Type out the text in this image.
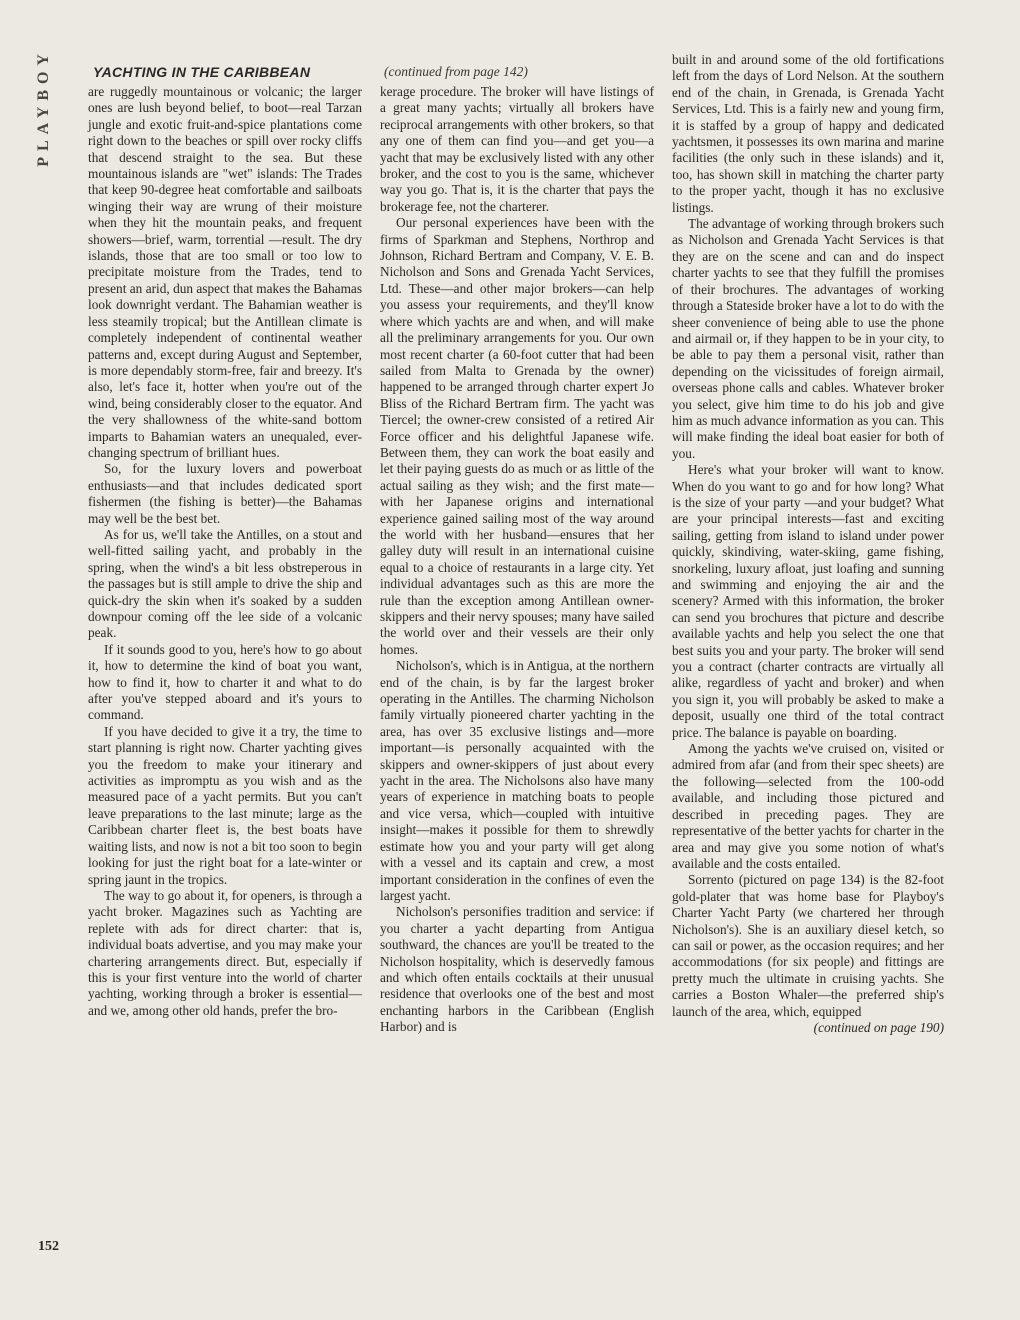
PLAYBOY	YACHTING IN THE CARIBBEAN	(continued from page 142)

are ruggedly mountainous or volcanic; the larger ones are lush beyond belief, to boot—real Tarzan jungle and exotic fruit-and-spice plantations come right down to the beaches or spill over rocky cliffs that descend straight to the sea. But these mountainous islands are "wet" islands: The Trades that keep 90-degree heat comfortable and sailboats winging their way are wrung of their moisture when they hit the mountain peaks, and frequent showers—brief, warm, torrential —result. The dry islands, those that are too small or too low to precipitate moisture from the Trades, tend to present an arid, dun aspect that makes the Bahamas look downright verdant. The Bahamian weather is less steamily tropical; but the Antillean climate is completely independent of continental weather patterns and, except during August and September, is more dependably storm-free, fair and breezy. It's also, let's face it, hotter when you're out of the wind, being considerably closer to the equator. And the very shallowness of the white-sand bottom imparts to Bahamian waters an unequaled, ever-changing spectrum of brilliant hues.

So, for the luxury lovers and powerboat enthusiasts—and that includes dedicated sport fishermen (the fishing is better)—the Bahamas may well be the best bet.

As for us, we'll take the Antilles, on a stout and well-fitted sailing yacht, and probably in the spring, when the wind's a bit less obstreperous in the passages but is still ample to drive the ship and quick-dry the skin when it's soaked by a sudden downpour coming off the lee side of a volcanic peak.

If it sounds good to you, here's how to go about it, how to determine the kind of boat you want, how to find it, how to charter it and what to do after you've stepped aboard and it's yours to command.

If you have decided to give it a try, the time to start planning is right now. Charter yachting gives you the freedom to make your itinerary and activities as impromptu as you wish and as the measured pace of a yacht permits. But you can't leave preparations to the last minute; large as the Caribbean charter fleet is, the best boats have waiting lists, and now is not a bit too soon to begin looking for just the right boat for a late-winter or spring jaunt in the tropics.

The way to go about it, for openers, is through a yacht broker. Magazines such as Yachting are replete with ads for direct charter: that is, individual boats advertise, and you may make your chartering arrangements direct. But, especially if this is your first venture into the world of charter yachting, working through a broker is essential—and we, among other old hands, prefer the bro-

kerage procedure. The broker will have listings of a great many yachts; virtually all brokers have reciprocal arrangements with other brokers, so that any one of them can find you—and get you—a yacht that may be exclusively listed with any other broker, and the cost to you is the same, whichever way you go. That is, it is the charter that pays the brokerage fee, not the charterer.

Our personal experiences have been with the firms of Sparkman and Stephens, Northrop and Johnson, Richard Bertram and Company, V. E. B. Nicholson and Sons and Grenada Yacht Services, Ltd. These—and other major brokers—can help you assess your requirements, and they'll know where which yachts are and when, and will make all the preliminary arrangements for you. Our own most recent charter (a 60-foot cutter that had been sailed from Malta to Grenada by the owner) happened to be arranged through charter expert Jo Bliss of the Richard Bertram firm. The yacht was Tiercel; the owner-crew consisted of a retired Air Force officer and his delightful Japanese wife. Between them, they can work the boat easily and let their paying guests do as much or as little of the actual sailing as they wish; and the first mate—with her Japanese origins and international experience gained sailing most of the way around the world with her husband—ensures that her galley duty will result in an international cuisine equal to a choice of restaurants in a large city. Yet individual advantages such as this are more the rule than the exception among Antillean owner-skippers and their nervy spouses; many have sailed the world over and their vessels are their only homes.

Nicholson's, which is in Antigua, at the northern end of the chain, is by far the largest broker operating in the Antilles. The charming Nicholson family virtually pioneered charter yachting in the area, has over 35 exclusive listings and—more important—is personally acquainted with the skippers and owner-skippers of just about every yacht in the area. The Nicholsons also have many years of experience in matching boats to people and vice versa, which—coupled with intuitive insight—makes it possible for them to shrewdly estimate how you and your party will get along with a vessel and its captain and crew, a most important consideration in the confines of even the largest yacht.

Nicholson's personifies tradition and service: if you charter a yacht departing from Antigua southward, the chances are you'll be treated to the Nicholson hospitality, which is deservedly famous and which often entails cocktails at their unusual residence that overlooks one of the best and most enchanting harbors in the Caribbean (English Harbor) and is

built in and around some of the old fortifications left from the days of Lord Nelson. At the southern end of the chain, in Grenada, is Grenada Yacht Services, Ltd. This is a fairly new and young firm, it is staffed by a group of happy and dedicated yachtsmen, it possesses its own marina and marine facilities (the only such in these islands) and it, too, has shown skill in matching the charter party to the proper yacht, though it has no exclusive listings.

The advantage of working through brokers such as Nicholson and Grenada Yacht Services is that they are on the scene and can and do inspect charter yachts to see that they fulfill the promises of their brochures. The advantages of working through a Stateside broker have a lot to do with the sheer convenience of being able to use the phone and airmail or, if they happen to be in your city, to be able to pay them a personal visit, rather than depending on the vicissitudes of foreign airmail, overseas phone calls and cables. Whatever broker you select, give him time to do his job and give him as much advance information as you can. This will make finding the ideal boat easier for both of you.

Here's what your broker will want to know. When do you want to go and for how long? What is the size of your party —and your budget? What are your principal interests—fast and exciting sailing, getting from island to island under power quickly, skindiving, water-skiing, game fishing, snorkeling, luxury afloat, just loafing and sunning and swimming and enjoying the air and the scenery? Armed with this information, the broker can send you brochures that picture and describe available yachts and help you select the one that best suits you and your party. The broker will send you a contract (charter contracts are virtually all alike, regardless of yacht and broker) and when you sign it, you will probably be asked to make a deposit, usually one third of the total contract price. The balance is payable on boarding.

Among the yachts we've cruised on, visited or admired from afar (and from their spec sheets) are the following—selected from the 100-odd available, and including those pictured and described in preceding pages. They are representative of the better yachts for charter in the area and may give you some notion of what's available and the costs entailed.

Sorrento (pictured on page 134) is the 82-foot gold-plater that was home base for Playboy's Charter Yacht Party (we chartered her through Nicholson's). She is an auxiliary diesel ketch, so can sail or power, as the occasion requires; and her accommodations (for six people) and fittings are pretty much the ultimate in cruising yachts. She carries a Boston Whaler—the preferred ship's launch of the area, which, equipped

(continued on page 190)
152
